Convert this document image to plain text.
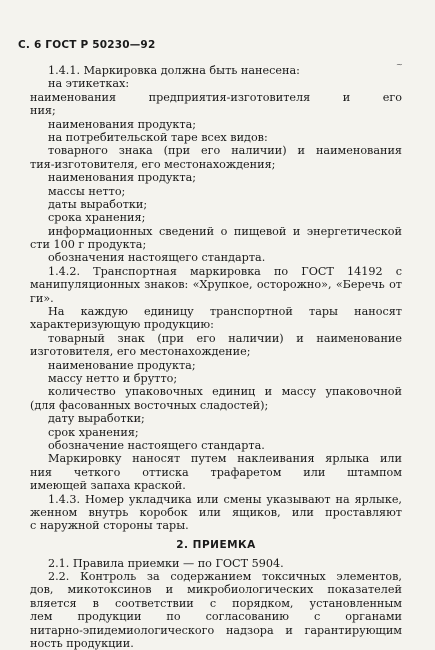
С. 6 ГОСТ Р 50230—92
~
1.4.1. Маркировка должна быть нанесена:
на этикетках:
наименования предприятия-изготовителя и его
ния;
наименования продукта;
на потребительской таре всех видов:
товарного знака (при его наличии) и наименования
тия-изготовителя, его местонахождения;
наименования продукта;
массы нетто;
даты выработки;
срока хранения;
информационных сведений о пищевой и энергетической
сти 100 г продукта;
обозначения настоящего стандарта.
1.4.2. Транспортная маркировка по ГОСТ 14192 с
манипуляционных знаков: «Хрупкое, осторожно», «Беречь от
ги».
На каждую единицу транспортной тары наносят
характеризующую продукцию:
товарный знак (при его наличии) и наименование
изготовителя, его местонахождение;
наименование продукта;
массу нетто и брутто;
количество упаковочных единиц и массу упаковочной
(для фасованных восточных сладостей);
дату выработки;
срок хранения;
обозначение настоящего стандарта.
Маркировку наносят путем наклеивания ярлыка или
ния четкого оттиска трафаретом или штампом
имеющей запаха краской.
1.4.3. Номер укладчика или смены указывают на ярлыке,
женном внутрь коробок или ящиков, или проставляют
с наружной стороны тары.
2. ПРИЕМКА
2.1. Правила приемки — по ГОСТ 5904.
2.2. Контроль за содержанием токсичных элементов,
дов, микотоксинов и микробиологических показателей
вляется в соответствии с порядком, установленным
лем продукции по согласованию с органами
нитарно-эпидемиологического надзора и гарантирующим
ность продукции.
